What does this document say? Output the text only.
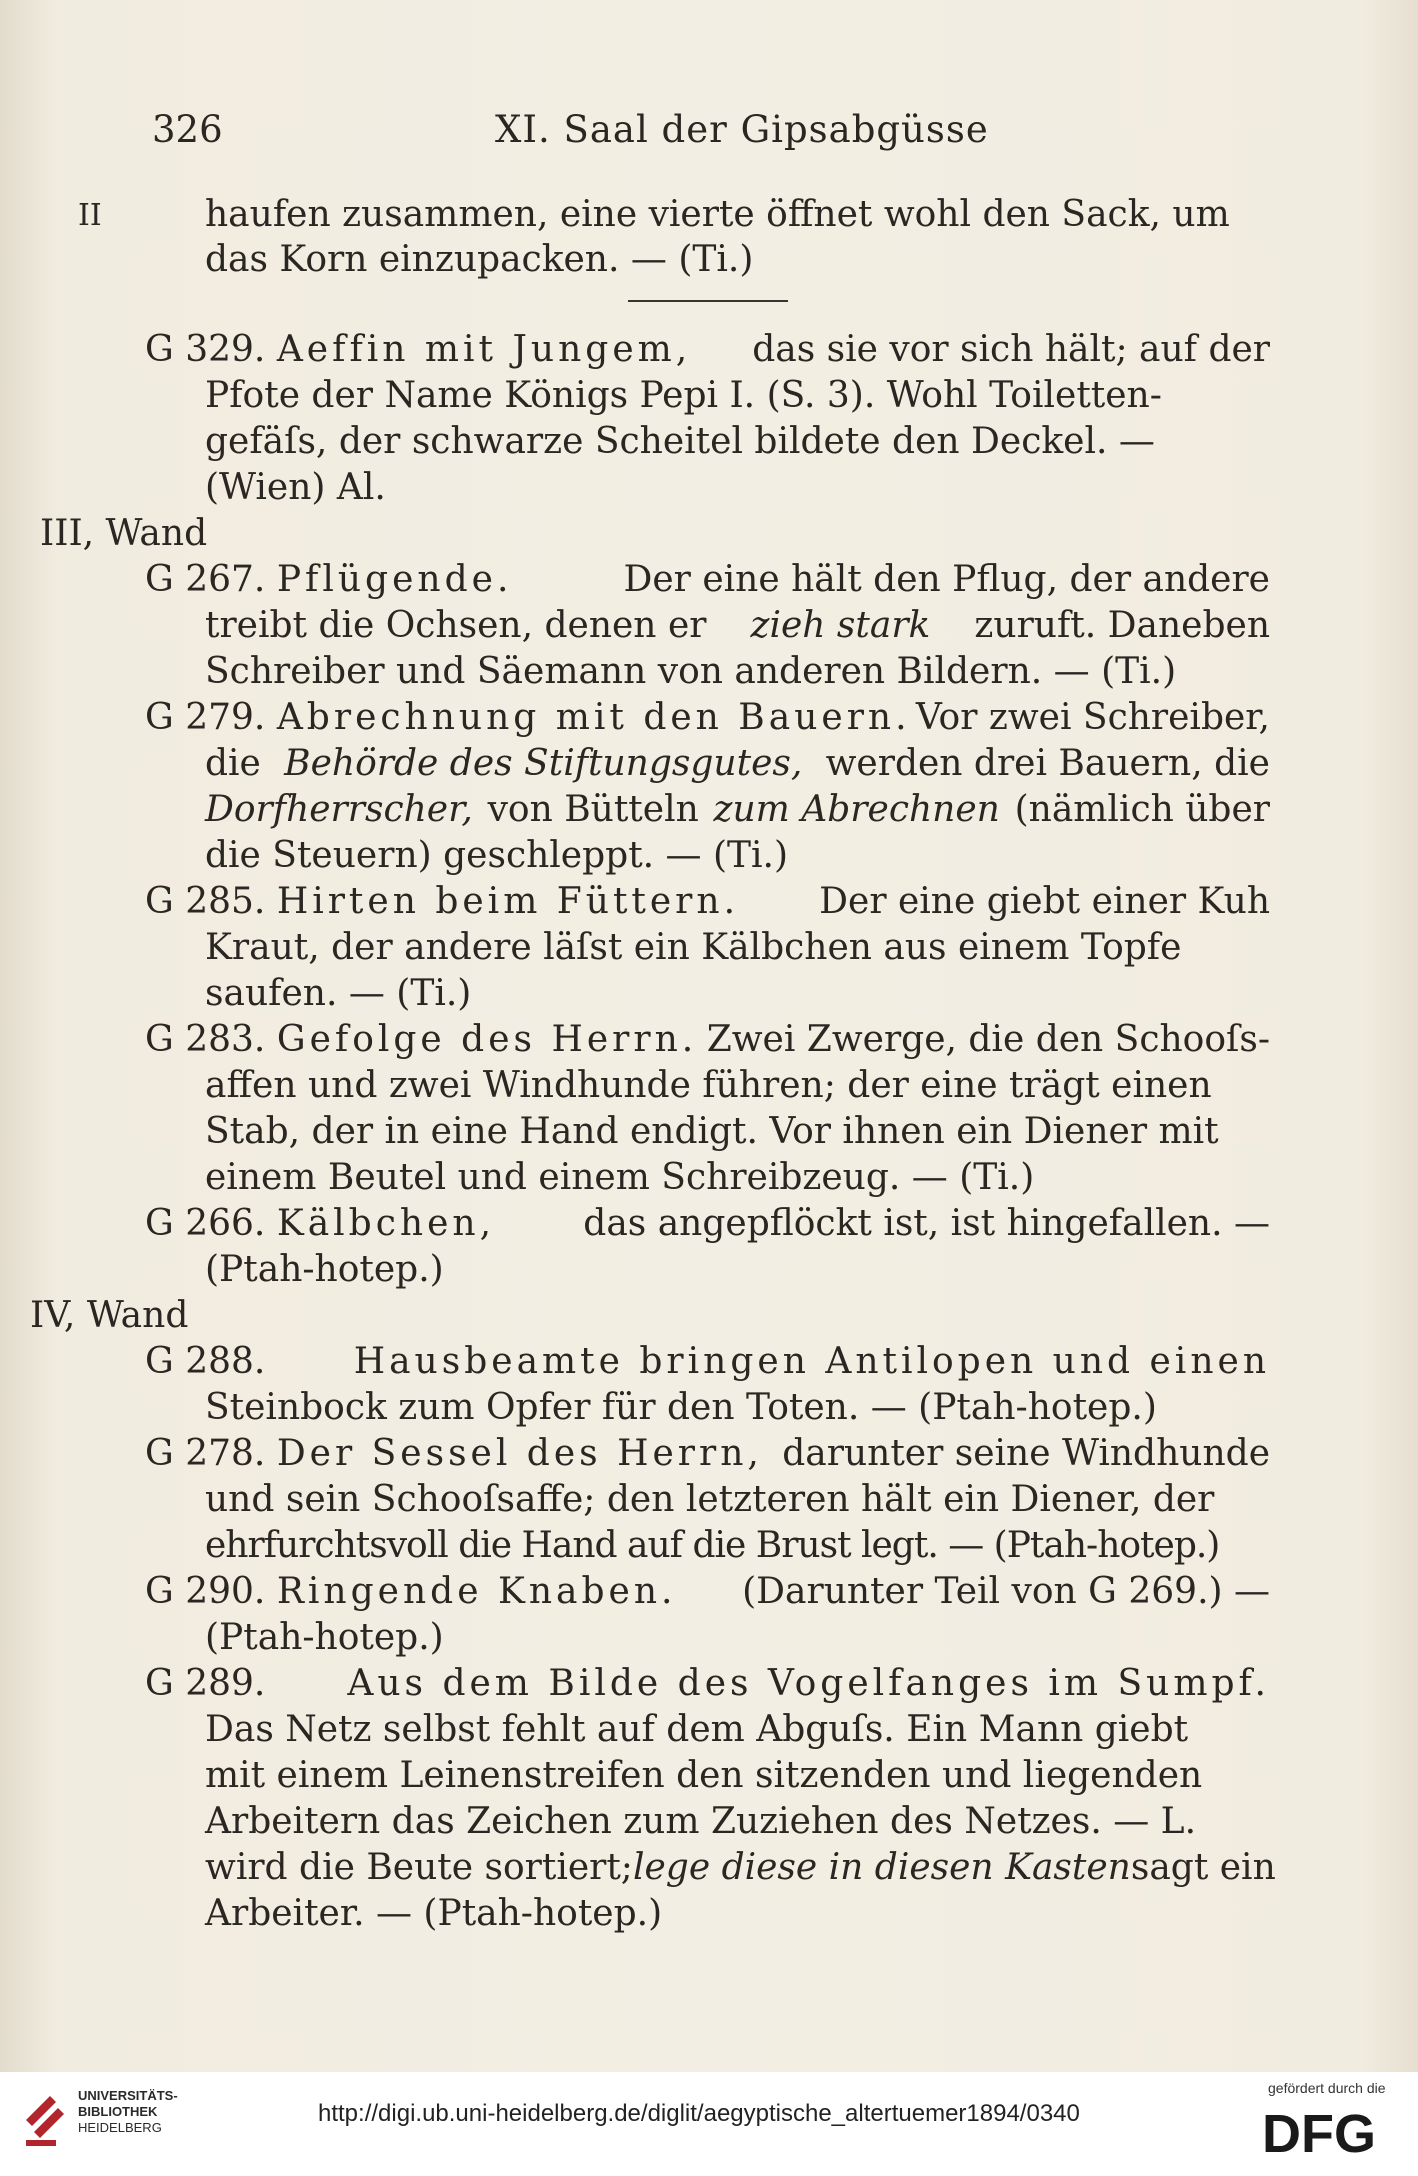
326	XI. Saal der Gipsabgüsse
II	haufen zusammen, eine vierte öffnet wohl den Sack, um
das Korn einzupacken. — (Ti.)
G 329. Aeffin mit Jungem, das sie vor sich hält; auf der
Pfote der Name Königs Pepi I. (S. 3). Wohl Toiletten-
gefäſs, der schwarze Scheitel bildete den Deckel. —
(Wien) Al.
III, Wand
G 267. Pflügende.	Der eine hält den Pflug, der andere
treibt die Ochsen, denen er zieh stark zuruft. Daneben
Schreiber und Säemann von anderen Bildern. — (Ti.)
G 279. Abrechnung mit den Bauern. Vor zwei Schreiber,
die Behörde des Stiftungsgutes, werden drei Bauern, die
Dorfherrscher, von Bütteln zum Abrechnen (nämlich über
die Steuern) geschleppt. — (Ti.)
G 285. Hirten beim Füttern. Der eine giebt einer Kuh
Kraut, der andere läſst ein Kälbchen aus einem Topfe
saufen. — (Ti.)
G 283. Gefolge des Herrn. Zwei Zwerge, die den Schooſs-
affen und zwei Windhunde führen; der eine trägt einen
Stab, der in eine Hand endigt. Vor ihnen ein Diener mit
einem Beutel und einem Schreibzeug. — (Ti.)
G 266. Kälbchen, das angepflöckt ist, ist hingefallen. —
(Ptah-hotep.)
IV, Wand
G 288. Hausbeamte bringen Antilopen und einen
Steinbock zum Opfer für den Toten. — (Ptah-hotep.)
G 278. Der Sessel des Herrn, darunter seine Windhunde
und sein Schooſsaffe; den letzteren hält ein Diener, der
ehrfurchtsvoll die Hand auf die Brust legt. — (Ptah-hotep.)
G 290. Ringende Knaben. (Darunter Teil von G 269.) —
(Ptah-hotep.)
G 289. Aus dem Bilde des Vogelfanges im Sumpf.
Das Netz selbst fehlt auf dem Abguſs. Ein Mann giebt
mit einem Leinenstreifen den sitzenden und liegenden
Arbeitern das Zeichen zum Zuziehen des Netzes. — L.
wird die Beute sortiert; lege diese in diesen Kasten sagt ein
Arbeiter. — (Ptah-hotep.)
UNIVERSITÄTS-
BIBLIOTHEK
HEIDELBERG
http://digi.ub.uni-heidelberg.de/diglit/aegyptische_altertuemer1894/0340
gefördert durch die
DFG
